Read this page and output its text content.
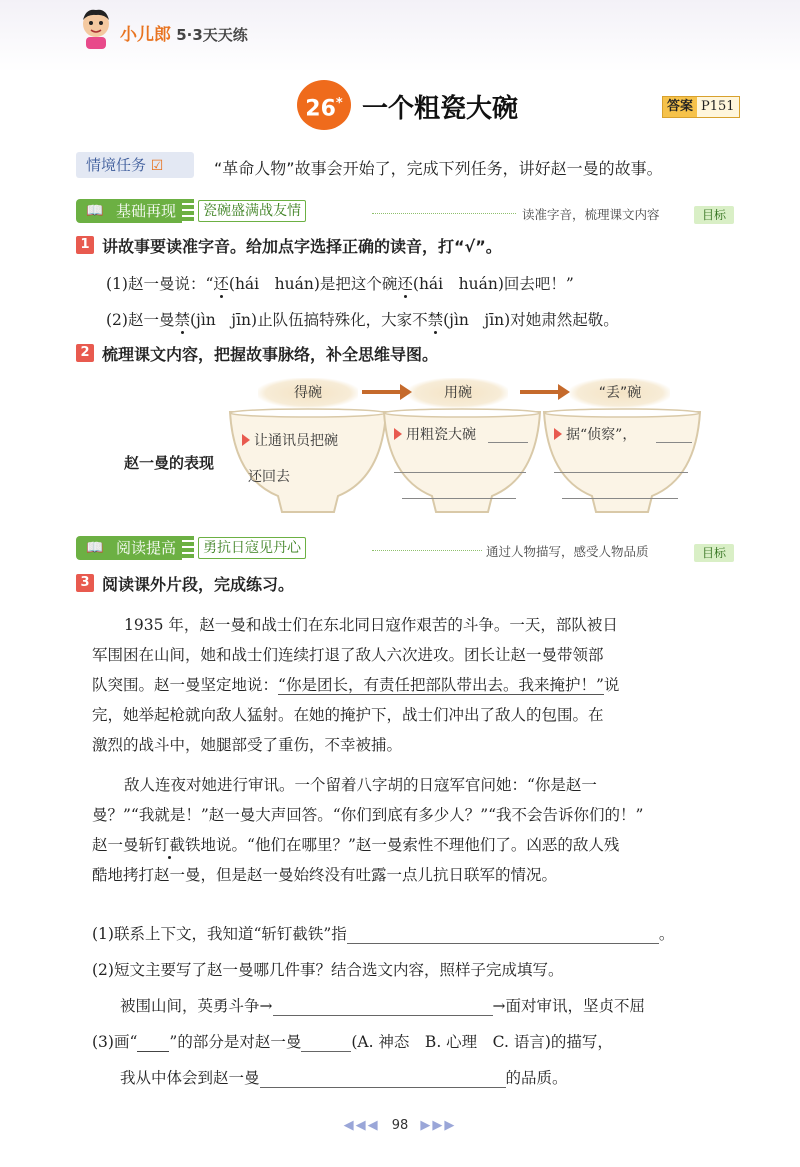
小儿郎 5·3天天练
26* 一个粗瓷大碗	答案 P151
情境任务 ☑	“革命人物”故事会开始了，完成下列任务，讲好赵一曼的故事。
📖 基础再现	瓷碗盛满战友情	读准字音，梳理课文内容	目标
1 讲故事要读准字音。给加点字选择正确的读音，打“√”。
(1)赵一曼说：“还(hái　huán)是把这个碗还(hái　huán)回去吧！”
(2)赵一曼禁(jìn　jīn)止队伍搞特殊化，大家不禁(jìn　jīn)对她肃然起敬。
2 梳理课文内容，把握故事脉络，补全思维导图。
得碗	用碗	“丢”碗
赵一曼的表现
让通讯员把碗
还回去
用粗瓷大碗	据“侦察”，
📖 阅读提高	勇抗日寇见丹心	通过人物描写，感受人物品质	目标
3 阅读课外片段，完成练习。
1935 年，赵一曼和战士们在东北同日寇作艰苦的斗争。一天，部队被日
军围困在山间，她和战士们连续打退了敌人六次进攻。团长让赵一曼带领部
队突围。赵一曼坚定地说：“你是团长，有责任把部队带出去。我来掩护！”说
完，她举起枪就向敌人猛射。在她的掩护下，战士们冲出了敌人的包围。在
激烈的战斗中，她腿部受了重伤，不幸被捕。
敌人连夜对她进行审讯。一个留着八字胡的日寇军官问她：“你是赵一
曼？”“我就是！”赵一曼大声回答。“你们到底有多少人？”“我不会告诉你们的！”
赵一曼斩钉截铁地说。“他们在哪里？”赵一曼索性不理他们了。凶恶的敌人残
酷地拷打赵一曼，但是赵一曼始终没有吐露一点儿抗日联军的情况。
(1)联系上下文，我知道“斩钉截铁”指	。
(2)短文主要写了赵一曼哪几件事？结合选文内容，照样子完成填写。
被围山间，英勇斗争→	→面对审讯，坚贞不屈
(3)画“ ”的部分是对赵一曼	(A. 神态　B. 心理　C. 语言)的描写，
我从中体会到赵一曼	的品质。
◀◀◀ 98 ▶▶▶
